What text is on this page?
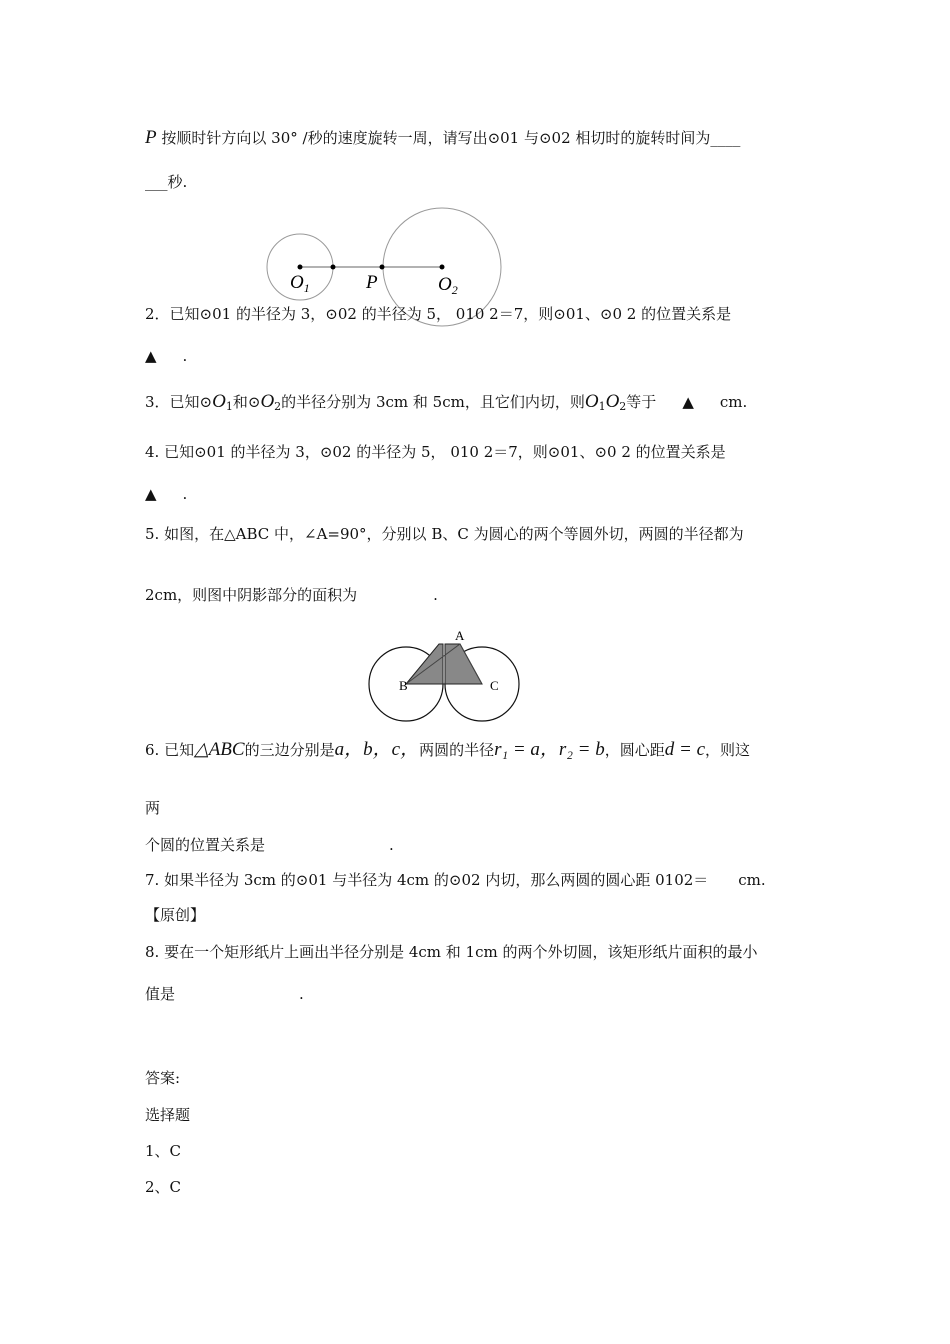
P 按顺时针方向以 30° /秒的速度旋转一周，请写出⊙01 与⊙02 相切时的旋转时间为____
___秒.
$O_1$	P	$O_2$
2．已知⊙01 的半径为 3，⊙02 的半径为 5， 010 2＝7，则⊙01、⊙0 2 的位置关系是
▲ .
3．已知$⊙O_1$和$⊙O_2$的半径分别为 3cm 和 5cm，且它们内切，则$O_1O_2$等于 ▲ cm.
4. 已知⊙01 的半径为 3，⊙02 的半径为 5， 010 2＝7，则⊙01、⊙0 2 的位置关系是
▲ .
5. 如图，在△ABC 中，∠A=90°，分别以 B、C 为圆心的两个等圆外切，两圆的半径都为
2cm，则图中阴影部分的面积为	.
A
B	C
6. 已知△ABC的三边分别是a，b，c，两圆的半径r₁ = a，r₂ = b，圆心距d = c，则这
两
个圆的位置关系是	.
7. 如果半径为 3cm 的⊙01 与半径为 4cm 的⊙02 内切，那么两圆的圆心距 0102＝ cm.
【原创】
8. 要在一个矩形纸片上画出半径分别是 4cm 和 1cm 的两个外切圆，该矩形纸片面积的最小
值是	.
答案:
选择题
1、C
2、C
